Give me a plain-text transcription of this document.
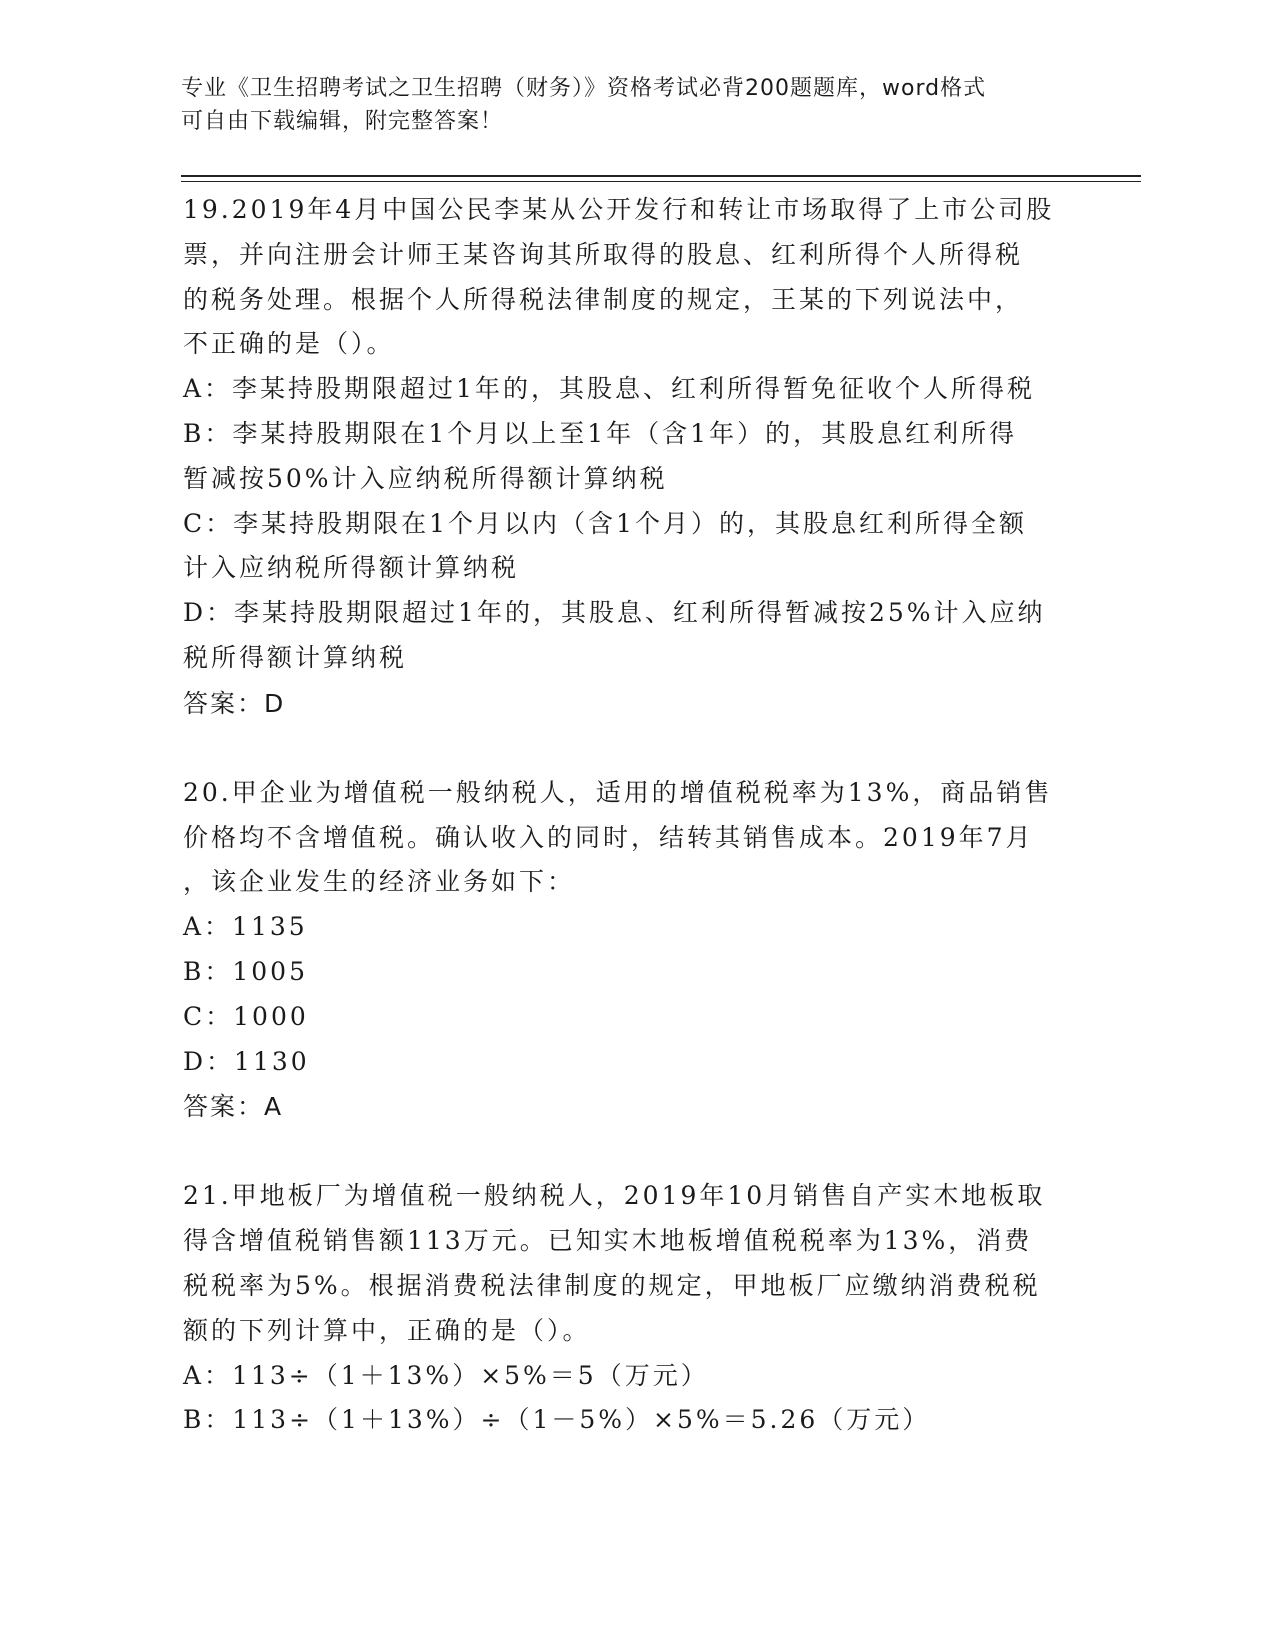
专业《卫生招聘考试之卫生招聘（财务）》资格考试必背200题题库，word格式
可自由下载编辑，附完整答案！
19.2019年4月中国公民李某从公开发行和转让市场取得了上市公司股
票，并向注册会计师王某咨询其所取得的股息、红利所得个人所得税
的税务处理。根据个人所得税法律制度的规定，王某的下列说法中，
不正确的是（）。
A：李某持股期限超过1年的，其股息、红利所得暂免征收个人所得税
B：李某持股期限在1个月以上至1年（含1年）的，其股息红利所得
暂减按50%计入应纳税所得额计算纳税
C：李某持股期限在1个月以内（含1个月）的，其股息红利所得全额
计入应纳税所得额计算纳税
D：李某持股期限超过1年的，其股息、红利所得暂减按25%计入应纳
税所得额计算纳税
答案：D
20.甲企业为增值税一般纳税人，适用的增值税税率为13%，商品销售
价格均不含增值税。确认收入的同时，结转其销售成本。2019年7月
，该企业发生的经济业务如下：
A：1135
B：1005
C：1000
D：1130
答案：A
21.甲地板厂为增值税一般纳税人，2019年10月销售自产实木地板取
得含增值税销售额113万元。已知实木地板增值税税率为13%，消费
税税率为5%。根据消费税法律制度的规定，甲地板厂应缴纳消费税税
额的下列计算中，正确的是（）。
A：113÷（1＋13%）×5%＝5（万元）
B：113÷（1＋13%）÷（1－5%）×5%＝5.26（万元）
